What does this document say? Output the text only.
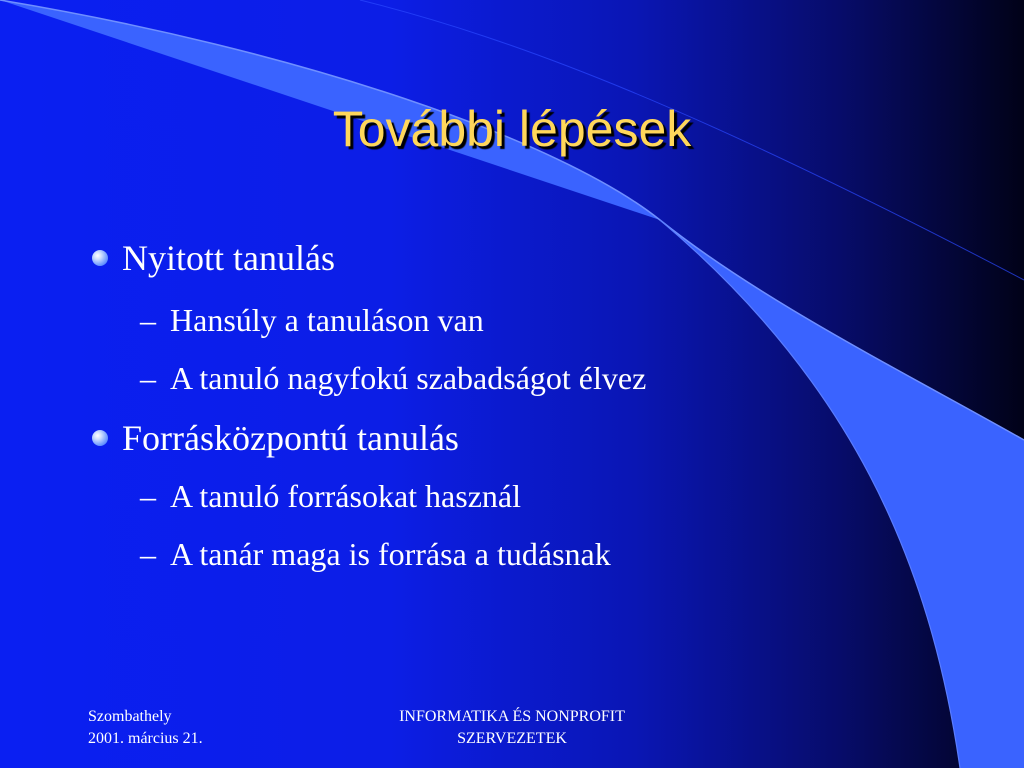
További lépések
Nyitott tanulás
– Hansúly a tanuláson van
– A tanuló nagyfokú szabadságot élvez
Forrásközpontú tanulás
– A tanuló forrásokat használ
– A tanár maga is forrása a tudásnak
Szombathely
2001. március 21.
INFORMATIKA ÉS NONPROFIT
SZERVEZETEK
